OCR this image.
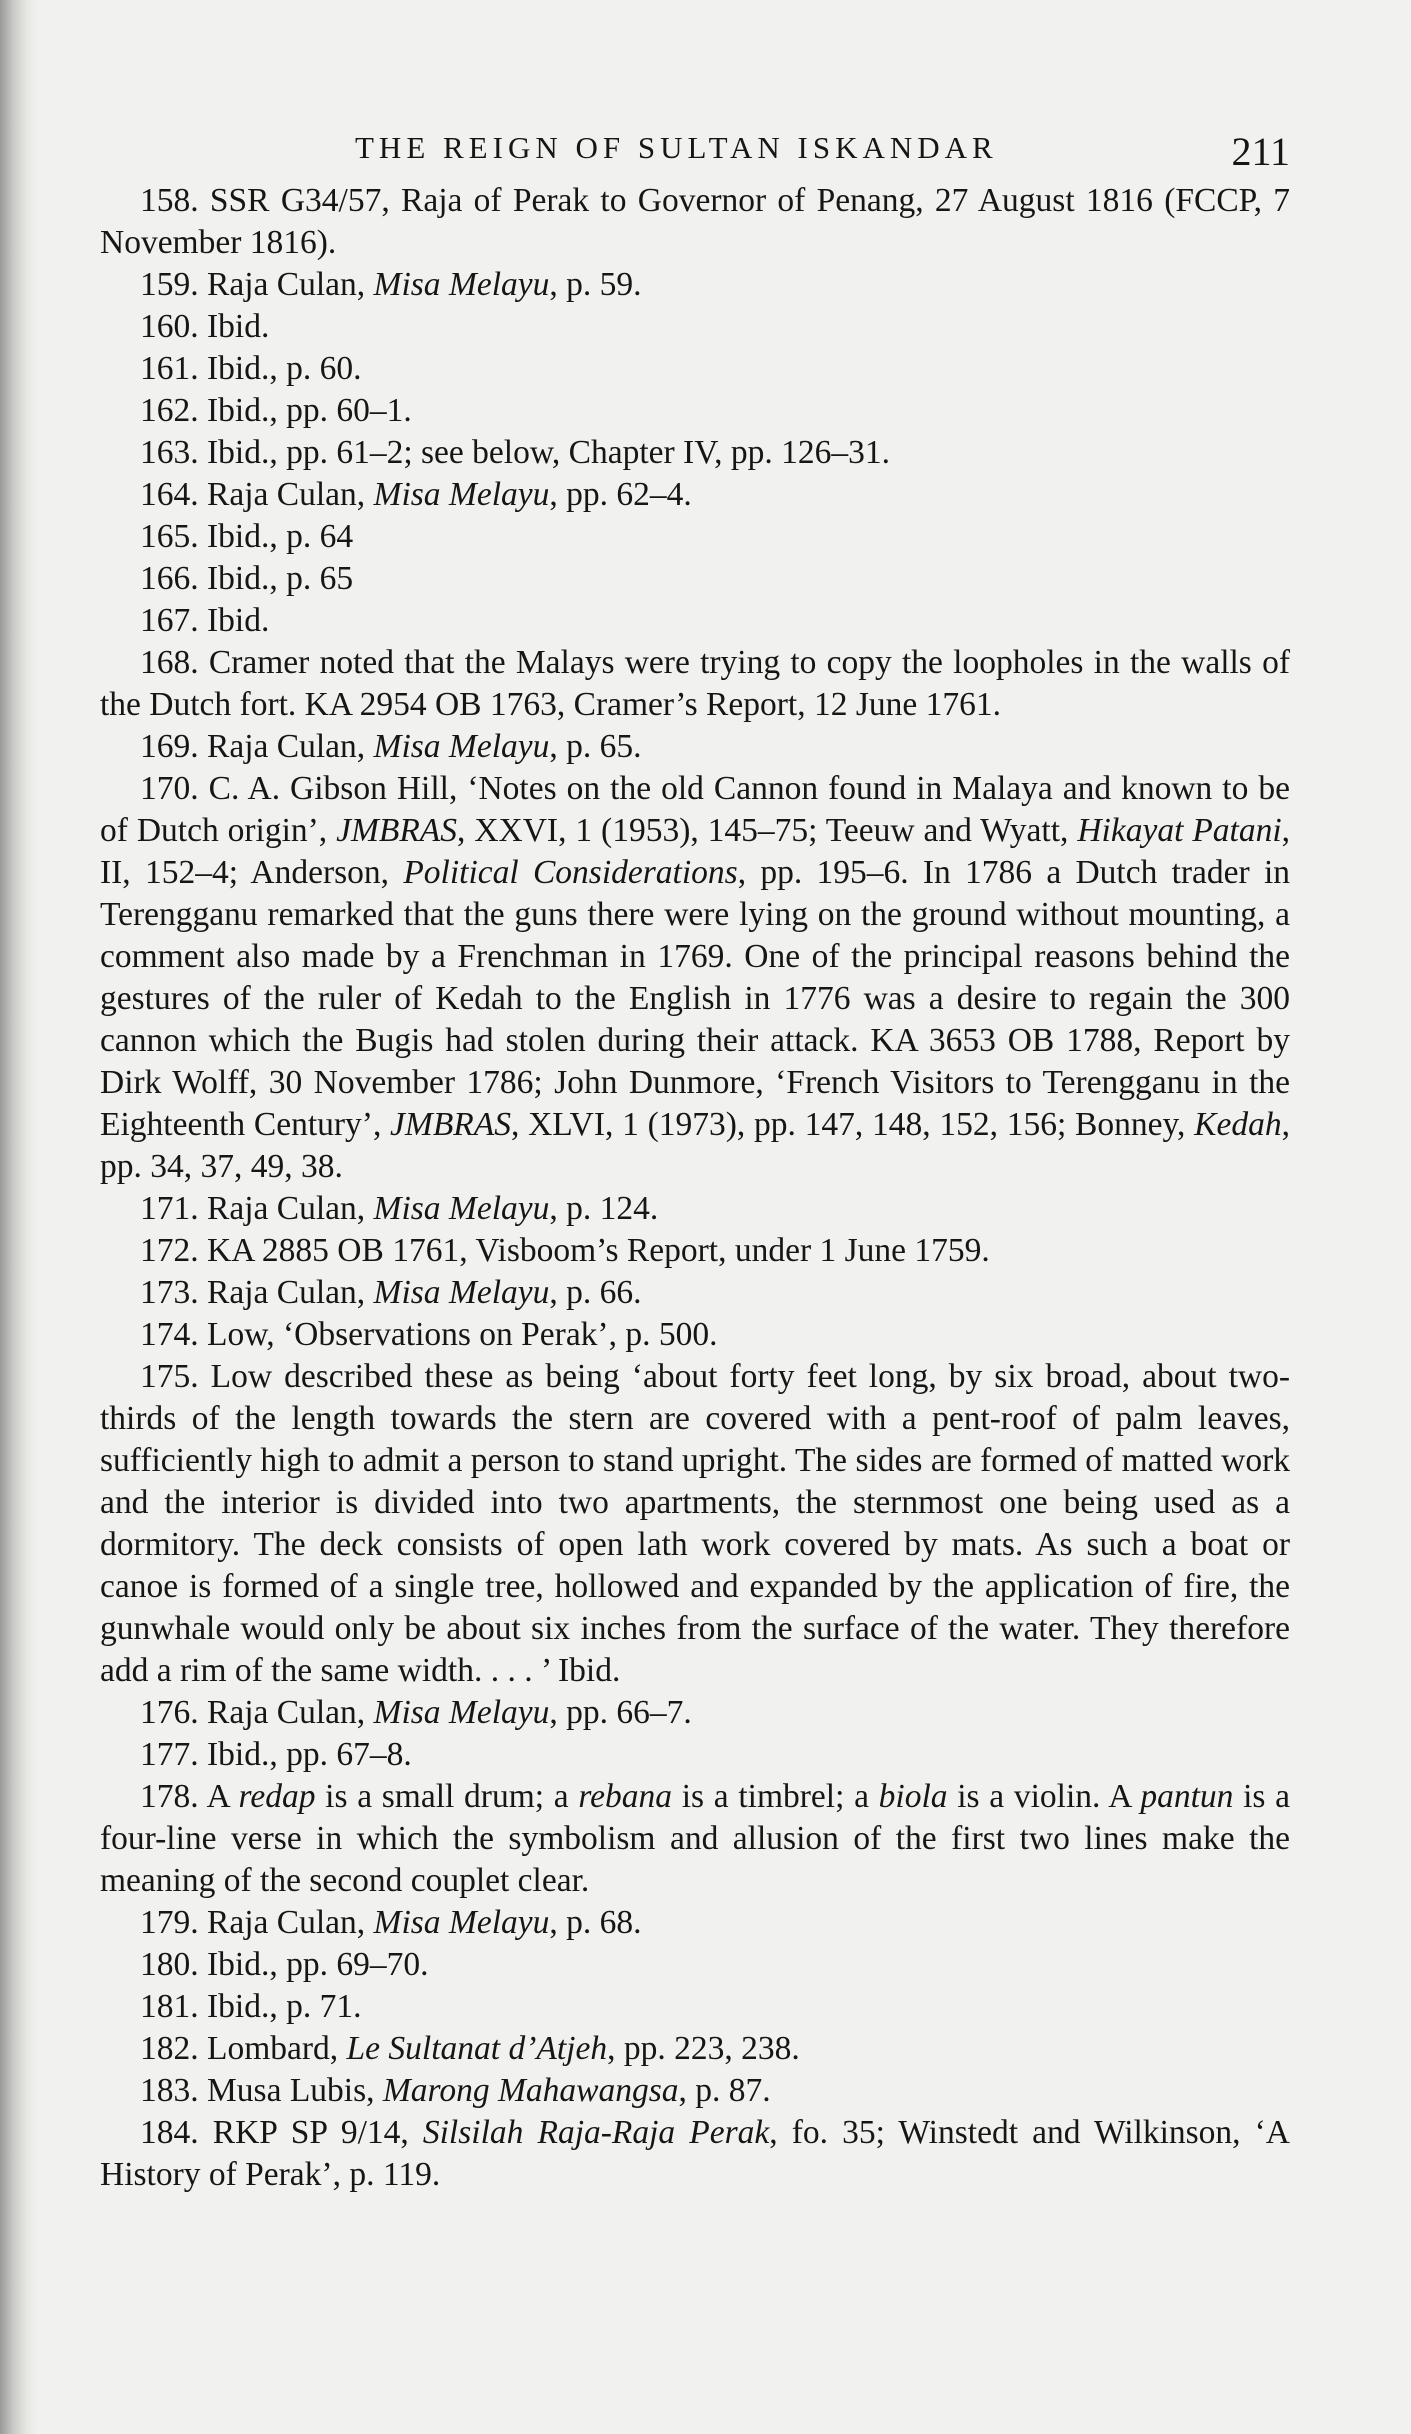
THE REIGN OF SULTAN ISKANDAR	211

158. SSR G34/57, Raja of Perak to Governor of Penang, 27 August 1816 (FCCP, 7 November 1816).

159. Raja Culan, Misa Melayu, p. 59.

160. Ibid.

161. Ibid., p. 60.

162. Ibid., pp. 60–1.

163. Ibid., pp. 61–2; see below, Chapter IV, pp. 126–31.

164. Raja Culan, Misa Melayu, pp. 62–4.

165. Ibid., p. 64

166. Ibid., p. 65

167. Ibid.

168. Cramer noted that the Malays were trying to copy the loopholes in the walls of the Dutch fort. KA 2954 OB 1763, Cramer’s Report, 12 June 1761.

169. Raja Culan, Misa Melayu, p. 65.

170. C. A. Gibson Hill, ‘Notes on the old Cannon found in Malaya and known to be of Dutch origin’, JMBRAS, XXVI, 1 (1953), 145–75; Teeuw and Wyatt, Hikayat Patani, II, 152–4; Anderson, Political Considerations, pp. 195–6. In 1786 a Dutch trader in Terengganu remarked that the guns there were lying on the ground without mounting, a comment also made by a Frenchman in 1769. One of the principal reasons behind the gestures of the ruler of Kedah to the English in 1776 was a desire to regain the 300 cannon which the Bugis had stolen during their attack. KA 3653 OB 1788, Report by Dirk Wolff, 30 November 1786; John Dunmore, ‘French Visitors to Terengganu in the Eighteenth Century’, JMBRAS, XLVI, 1 (1973), pp. 147, 148, 152, 156; Bonney, Kedah, pp. 34, 37, 49, 38.

171. Raja Culan, Misa Melayu, p. 124.

172. KA 2885 OB 1761, Visboom’s Report, under 1 June 1759.

173. Raja Culan, Misa Melayu, p. 66.

174. Low, ‘Observations on Perak’, p. 500.

175. Low described these as being ‘about forty feet long, by six broad, about two-thirds of the length towards the stern are covered with a pent-roof of palm leaves, sufficiently high to admit a person to stand upright. The sides are formed of matted work and the interior is divided into two apartments, the sternmost one being used as a dormitory. The deck consists of open lath work covered by mats. As such a boat or canoe is formed of a single tree, hollowed and expanded by the application of fire, the gunwhale would only be about six inches from the surface of the water. They therefore add a rim of the same width. . . . ’ Ibid.

176. Raja Culan, Misa Melayu, pp. 66–7.

177. Ibid., pp. 67–8.

178. A redap is a small drum; a rebana is a timbrel; a biola is a violin. A pantun is a four-line verse in which the symbolism and allusion of the first two lines make the meaning of the second couplet clear.

179. Raja Culan, Misa Melayu, p. 68.

180. Ibid., pp. 69–70.

181. Ibid., p. 71.

182. Lombard, Le Sultanat d’Atjeh, pp. 223, 238.

183. Musa Lubis, Marong Mahawangsa, p. 87.

184. RKP SP 9/14, Silsilah Raja-Raja Perak, fo. 35; Winstedt and Wilkinson, ‘A History of Perak’, p. 119.
